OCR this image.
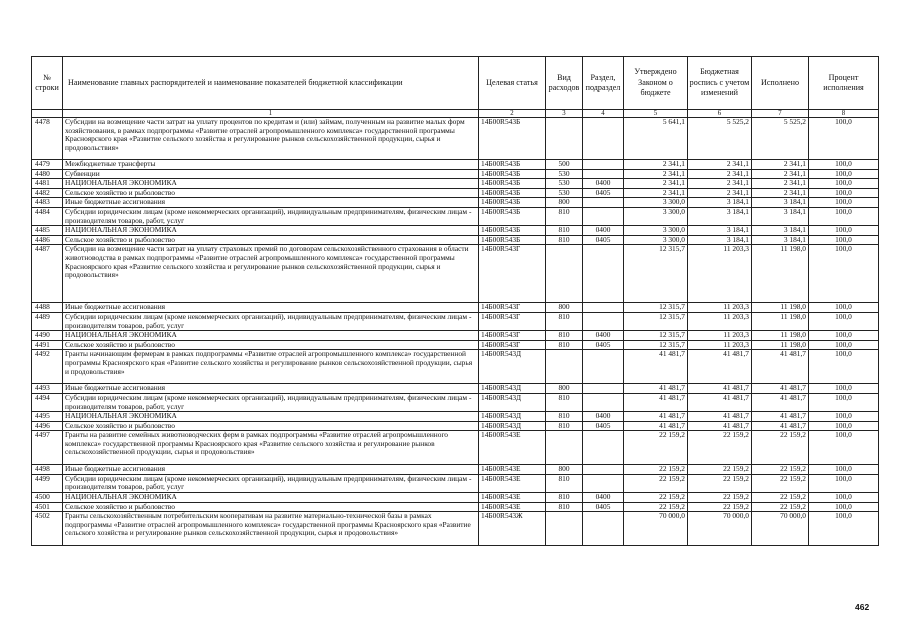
№ строки	Наименование главных распорядителей и наименование показателей бюджетной классификации	Целевая статья	Вид расходов	Раздел, подраздел	Утверждено Законом о бюджете	Бюджетная роспись с учетом изменений	Исполнено	Процент исполнения
	1	2	3	4	5	6	7	8
4478	Субсидии на возмещение части затрат на уплату процентов по кредитам и (или) займам, полученным на развитие малых форм хозяйствования, в рамках подпрограммы «Развитие отраслей агропромышленного комплекса» государственной программы Красноярского края «Развитие сельского хозяйства и регулирование рынков сельскохозяйственной продукции, сырья и продовольствия»	14Б00R543Б			5 641,1	5 525,2	5 525,2	100,0
4479	Межбюджетные трансферты	14Б00R543Б	500		2 341,1	2 341,1	2 341,1	100,0
4480	Субвенции	14Б00R543Б	530		2 341,1	2 341,1	2 341,1	100,0
4481	НАЦИОНАЛЬНАЯ ЭКОНОМИКА	14Б00R543Б	530	0400	2 341,1	2 341,1	2 341,1	100,0
4482	Сельское хозяйство и рыболовство	14Б00R543Б	530	0405	2 341,1	2 341,1	2 341,1	100,0
4483	Иные бюджетные ассигнования	14Б00R543Б	800		3 300,0	3 184,1	3 184,1	100,0
4484	Субсидии юридическим лицам (кроме некоммерческих организаций), индивидуальным предпринимателям, физическим лицам - производителям товаров, работ, услуг	14Б00R543Б	810		3 300,0	3 184,1	3 184,1	100,0
4485	НАЦИОНАЛЬНАЯ ЭКОНОМИКА	14Б00R543Б	810	0400	3 300,0	3 184,1	3 184,1	100,0
4486	Сельское хозяйство и рыболовство	14Б00R543Б	810	0405	3 300,0	3 184,1	3 184,1	100,0
4487	Субсидии на возмещение части затрат на уплату страховых премий по договорам сельскохозяйственного страхования в области животноводства в рамках подпрограммы «Развитие отраслей агропромышленного комплекса» государственной программы Красноярского края «Развитие сельского хозяйства и регулирование рынков сельскохозяйственной продукции, сырья и продовольствия»	14Б00R543Г			12 315,7	11 203,3	11 198,0	100,0
4488	Иные бюджетные ассигнования	14Б00R543Г	800		12 315,7	11 203,3	11 198,0	100,0
4489	Субсидии юридическим лицам (кроме некоммерческих организаций), индивидуальным предпринимателям, физическим лицам - производителям товаров, работ, услуг	14Б00R543Г	810		12 315,7	11 203,3	11 198,0	100,0
4490	НАЦИОНАЛЬНАЯ ЭКОНОМИКА	14Б00R543Г	810	0400	12 315,7	11 203,3	11 198,0	100,0
4491	Сельское хозяйство и рыболовство	14Б00R543Г	810	0405	12 315,7	11 203,3	11 198,0	100,0
4492	Гранты начинающим фермерам в рамках подпрограммы «Развитие отраслей агропромышленного комплекса» государственной программы Красноярского края «Развитие сельского хозяйства и регулирование рынков сельскохозяйственной продукции, сырья и продовольствия»	14Б00R543Д			41 481,7	41 481,7	41 481,7	100,0
4493	Иные бюджетные ассигнования	14Б00R543Д	800		41 481,7	41 481,7	41 481,7	100,0
4494	Субсидии юридическим лицам (кроме некоммерческих организаций), индивидуальным предпринимателям, физическим лицам - производителям товаров, работ, услуг	14Б00R543Д	810		41 481,7	41 481,7	41 481,7	100,0
4495	НАЦИОНАЛЬНАЯ ЭКОНОМИКА	14Б00R543Д	810	0400	41 481,7	41 481,7	41 481,7	100,0
4496	Сельское хозяйство и рыболовство	14Б00R543Д	810	0405	41 481,7	41 481,7	41 481,7	100,0
4497	Гранты на развитие семейных животноводческих ферм в рамках подпрограммы «Развитие отраслей агропромышленного комплекса» государственной программы Красноярского края «Развитие сельского хозяйства и регулирование рынков сельскохозяйственной продукции, сырья и продовольствия»	14Б00R543Е			22 159,2	22 159,2	22 159,2	100,0
4498	Иные бюджетные ассигнования	14Б00R543Е	800		22 159,2	22 159,2	22 159,2	100,0
4499	Субсидии юридическим лицам (кроме некоммерческих организаций), индивидуальным предпринимателям, физическим лицам - производителям товаров, работ, услуг	14Б00R543Е	810		22 159,2	22 159,2	22 159,2	100,0
4500	НАЦИОНАЛЬНАЯ ЭКОНОМИКА	14Б00R543Е	810	0400	22 159,2	22 159,2	22 159,2	100,0
4501	Сельское хозяйство и рыболовство	14Б00R543Е	810	0405	22 159,2	22 159,2	22 159,2	100,0
4502	Гранты сельскохозяйственным потребительским кооперативам на развитие материально-технической базы в рамках подпрограммы «Развитие отраслей агропромышленного комплекса» государственной программы Красноярского края «Развитие сельского хозяйства и регулирование рынков сельскохозяйственной продукции, сырья и продовольствия»	14Б00R543Ж			70 000,0	70 000,0	70 000,0	100,0
462
